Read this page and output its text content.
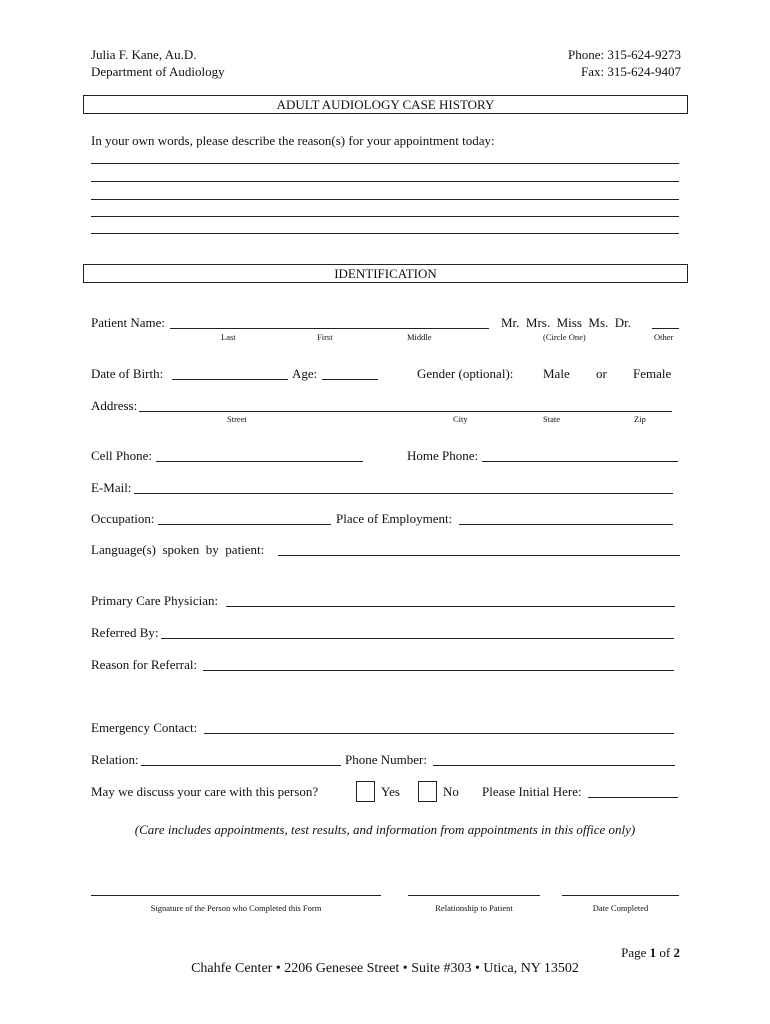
Julia F. Kane, Au.D.
Department of Audiology
Phone: 315-624-9273
Fax: 315-624-9407
ADULT AUDIOLOGY CASE HISTORY
In your own words, please describe the reason(s) for your appointment today:
IDENTIFICATION
Patient Name:	Mr.  Mrs.  Miss  Ms.  Dr.
Last	First	Middle	(Circle One)	Other
Date of Birth:	Age:	Gender (optional): Male or Female
Address:
Street	City	State	Zip
Cell Phone:	Home Phone:
E-Mail:
Occupation:	Place of Employment:
Language(s)  spoken  by  patient:
Primary Care Physician:
Referred By:
Reason for Referral:
Emergency Contact:
Relation:	Phone Number:
May we discuss your care with this person?	Yes	No Please Initial Here:
(Care includes appointments, test results, and information from appointments in this office only)
Signature of the Person who Completed this Form	Relationship to Patient	Date Completed
Page 1 of 2
Chahfe Center • 2206 Genesee Street • Suite #303 • Utica, NY 13502
